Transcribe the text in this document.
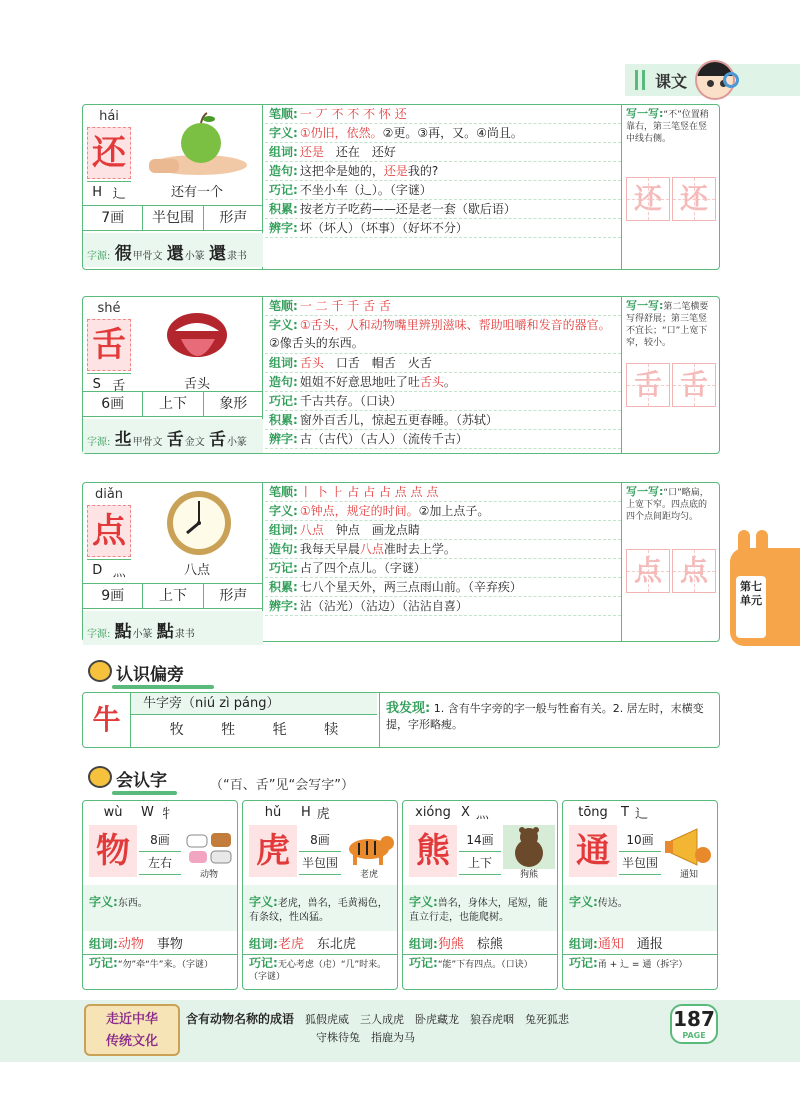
课文
hái
还
H 辶	还有一个
7画	半包围	形声
字源: 徦甲骨文 還小篆 還隶书
笔顺: 一 丆 不 不 不 怀 还
字义: ①仍旧，依然。②更。③再，又。④尚且。
组词: 还是　 还在　还好
造句: 这把伞是她的，还是我的?
巧记: 不坐小车（辶）。（字谜）
积累: 按老方子吃药——还是老一套（歇后语）
辨字: 坏（坏人）（坏事）（好坏不分）
写一写:“不”位置稍靠右，第三笔竖在竖中线右侧。
还 还
shé
舌
S 舌	舌头
6画	上下	象形
字源: 丠甲骨文 舌金文 舌小篆
笔顺: 一 二 千 千 舌 舌
字义: ①舌头，人和动物嘴里辨别滋味、帮助咀嚼和发音的器官。②像舌头的东西。
组词: 舌头　 口舌　帽舌　火舌
造句: 姐姐不好意思地吐了吐舌头。
巧记: 千古共存。（口诀）
积累: 窗外百舌儿，惊起五更春睡。（苏轼）
辨字: 古（古代）（古人）（流传千古）
写一写:第二笔横要写得舒展；第三笔竖不宜长；“口”上宽下窄，较小。
舌 舌
diǎn
点
D 灬	八点
9画	上下	形声
字源: 點小篆 點隶书
笔顺: 丨 卜 ⺊ 占 占 占 点 点 点
字义: ①钟点，规定的时间。②加上点子。
组词: 八点　 钟点　画龙点睛
造句: 我每天早晨八点准时去上学。
巧记: 占了四个点儿。（字谜）
积累: 七八个星天外，两三点雨山前。（辛弃疾）
辨字: 沾（沾光）（沾边）（沾沾自喜）
写一写:“口”略扁，上宽下窄。四点底的四个点间距均匀。
点 点	第七单元
认识偏旁
牛	牛字旁（niú zì páng）
牧	牲	牦	犊
我发现: 1. 含有牛字旁的字一般与牲畜有关。2. 居左时，末横变提，字形略瘦。
会认字	（“百、舌”见“会写字”）
wù	W 牜
物	8画
左右
动物
字义:东西。
组词:动物　 事物
巧记:“勿”牵“牛”来。（字谜）
hǔ	H 虎
虎	8画
半包围
老虎
字义:老虎，兽名，毛黄褐色，有条纹，性凶猛。
组词:老虎　 东北虎
巧记:无心考虑（虍）“几”时来。（字谜）
xióng X 灬
熊	14画
上下
狗熊
字义:兽名，身体大，尾短，能直立行走，也能爬树。
组词:狗熊　 棕熊
巧记:“能”下有四点。（口诀）
tōng	T 辶
通	10画
半包围
通知
字义:传达。
组词:通知　 通报
巧记:甬 + 辶 = 通（拆字）
走近中华
传统文化
含有动物名称的成语　 狐假虎威　三人成虎　卧虎藏龙　狼吞虎咽　兔死狐悲
守株待兔　指鹿为马
187
PAGE
